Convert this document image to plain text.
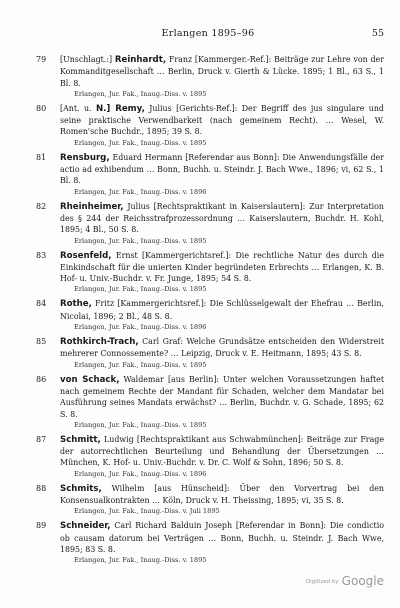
Erlangen 1895–96	55
79 [Unschlagt.:] Reinhardt, Franz [Kammerger.-Ref.]: Beiträge zur Lehre von der Kommanditgesellschaft … Berlin, Druck v. Gierth & Lücke. 1895; 1 Bl., 63 S., 1 Bl. 8.
Erlangen, Jur. Fak., Inaug.-Diss. v. 1895
80 [Ant. u. N.] Remy, Julius [Gerichts-Ref.]: Der Begriff des jus singulare und seine praktische Verwendbarkeit (nach gemeinem Recht). … Wesel, W. Romen'sche Buchdr., 1895; 39 S. 8.
Erlangen, Jur. Fak., Inaug.-Diss. v. 1895
81 Rensburg, Eduard Hermann [Referendar aus Bonn]: Die Anwendungsfälle der actio ad exhibendum … Bonn, Buchh. u. Steindr. J. Bach Wwe., 1896; vi, 62 S., 1 Bl. 8.
Erlangen, Jur. Fak., Inaug.-Diss. v. 1896
82 Rheinheimer, Julius [Rechtspraktikant in Kaiserslautern]: Zur Interpretation des § 244 der Reichsstrafprozessordnung … Kaiserslautern, Buchdr. H. Kohl, 1895; 4 Bl., 50 S. 8.
Erlangen, Jur. Fak., Inaug.-Diss. v. 1895
83 Rosenfeld, Ernst [Kammergerichtsref.]: Die rechtliche Natur des durch die Einkindschaft für die unierten Kinder begründeten Erbrechts … Erlangen, K. B. Hof- u. Univ.-Buchdr. v. Fr. Junge, 1895; 54 S. 8.
Erlangen, Jur. Fak., Inaug.-Diss. v. 1895
84 Rothe, Fritz [Kammergerichtsref.]: Die Schlüsselgewalt der Ehefrau … Berlin, Nicolai, 1896; 2 Bl., 48 S. 8.
Erlangen, Jur. Fak., Inaug.-Diss. v. 1896
85 Rothkirch-Trach, Carl Graf: Welche Grundsätze entscheiden den Widerstreit mehrerer Connossemente? … Leipzig, Druck v. E. Heitmann, 1895; 43 S. 8.
Erlangen, Jur. Fak., Inaug.-Diss. v. 1895
86 von Schack, Waldemar [aus Berlin]: Unter welchen Voraussetzungen haftet nach gemeinem Rechte der Mandant für Schaden, welcher dem Mandatar bei Ausführung seines Mandats erwächst? … Berlin, Buchdr. v. G. Schade, 1895; 62 S. 8.
Erlangen, Jur. Fak., Inaug.-Diss. v. 1895
87 Schmitt, Ludwig [Rechtspraktikant aus Schwabmünchen]: Beiträge zur Frage der autorrechtlichen Beurteilung und Behandlung der Übersetzungen … München, K. Hof- u. Univ.-Buchdr. v. Dr. C. Wolf & Sohn, 1896; 50 S. 8.
Erlangen, Jur. Fak., Inaug.-Diss. v. 1896
88 Schmits, Wilhelm [aus Hünscheid]: Über den Vorvertrag bei den Konsensualkontrakten … Köln, Druck v. H. Theissing, 1895; vi, 35 S. 8.
Erlangen, Jur. Fak., Inaug.-Diss. v. Juli 1895
89 Schneider, Carl Richard Balduin Joseph [Referendar in Bonn]: Die condictio ob causam datorum bei Verträgen … Bonn, Buchh. u. Steindr. J. Bach Wwe, 1895; 83 S. 8.
Erlangen, Jur. Fak., Inaug.-Diss. v. 1895
Digitized by Google
